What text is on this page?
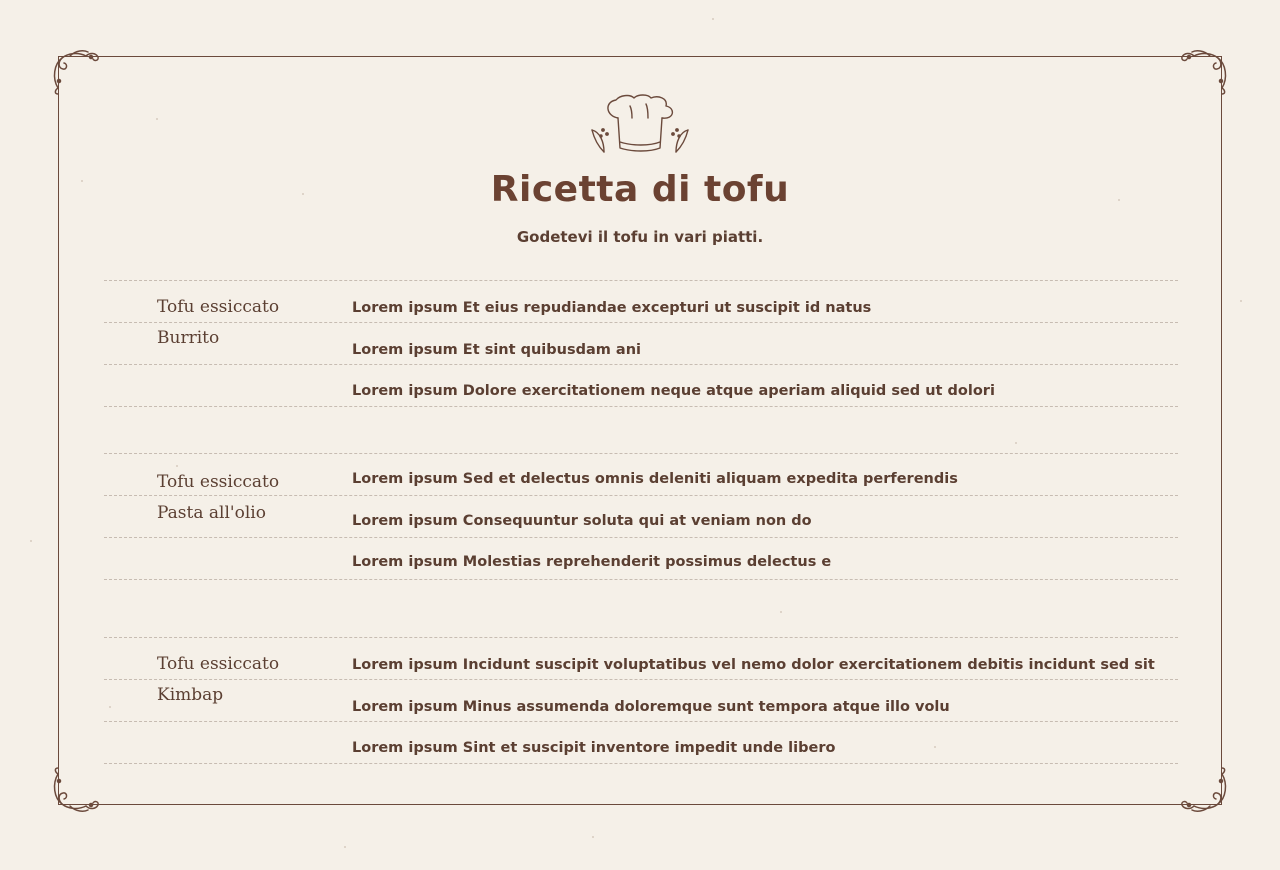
Ricetta di tofu
Godetevi il tofu in vari piatti.
Tofu essiccato
Burrito
Lorem ipsum Et eius repudiandae excepturi ut suscipit id natus
Lorem ipsum Et sint quibusdam ani
Lorem ipsum Dolore exercitationem neque atque aperiam aliquid sed ut dolori
Tofu essiccato
Pasta all'olio
Lorem ipsum Sed et delectus omnis deleniti aliquam expedita perferendis
Lorem ipsum Consequuntur soluta qui at veniam non do
Lorem ipsum Molestias reprehenderit possimus delectus e
Tofu essiccato
Kimbap
Lorem ipsum Incidunt suscipit voluptatibus vel nemo dolor exercitationem debitis incidunt sed sit
Lorem ipsum Minus assumenda doloremque sunt tempora atque illo volu
Lorem ipsum Sint et suscipit inventore impedit unde libero
